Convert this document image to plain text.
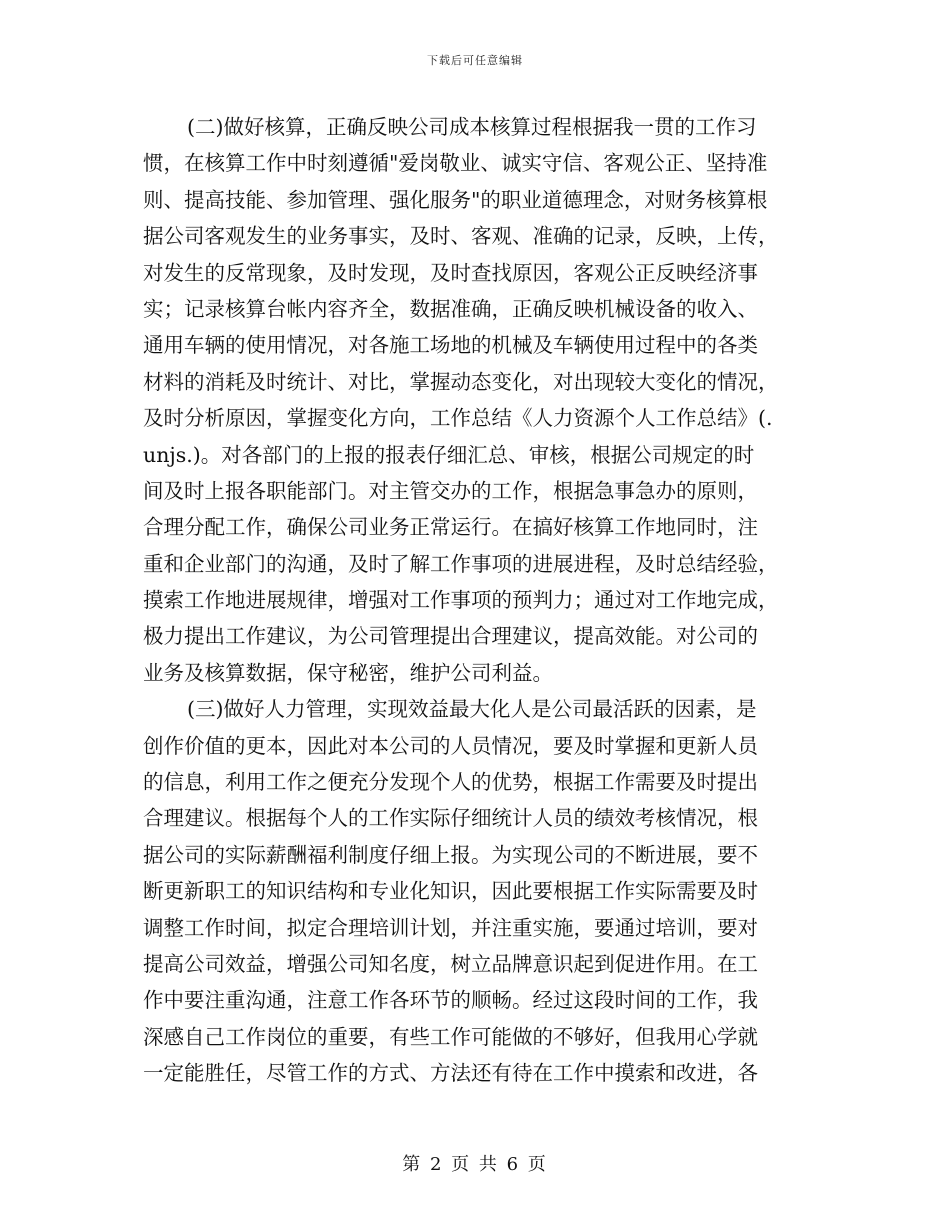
下载后可任意编辑
(二)做好核算，正确反映公司成本核算过程根据我一贯的工作习
惯，在核算工作中时刻遵循"爱岗敬业、诚实守信、客观公正、坚持准
则、提高技能、参加管理、强化服务"的职业道德理念，对财务核算根
据公司客观发生的业务事实，及时、客观、准确的记录，反映，上传，
对发生的反常现象，及时发现，及时查找原因，客观公正反映经济事
实；记录核算台帐内容齐全，数据准确，正确反映机械设备的收入、
通用车辆的使用情况，对各施工场地的机械及车辆使用过程中的各类
材料的消耗及时统计、对比，掌握动态变化，对出现较大变化的情况，
及时分析原因，掌握变化方向，工作总结《人力资源个人工作总结》(.
unjs.)。对各部门的上报的报表仔细汇总、审核，根据公司规定的时
间及时上报各职能部门。对主管交办的工作，根据急事急办的原则，
合理分配工作，确保公司业务正常运行。在搞好核算工作地同时，注
重和企业部门的沟通，及时了解工作事项的进展进程，及时总结经验，
摸索工作地进展规律，增强对工作事项的预判力；通过对工作地完成，
极力提出工作建议，为公司管理提出合理建议，提高效能。对公司的
业务及核算数据，保守秘密，维护公司利益。
(三)做好人力管理，实现效益最大化人是公司最活跃的因素，是
创作价值的更本，因此对本公司的人员情况，要及时掌握和更新人员
的信息，利用工作之便充分发现个人的优势，根据工作需要及时提出
合理建议。根据每个人的工作实际仔细统计人员的绩效考核情况，根
据公司的实际薪酬福利制度仔细上报。为实现公司的不断进展，要不
断更新职工的知识结构和专业化知识，因此要根据工作实际需要及时
调整工作时间，拟定合理培训计划，并注重实施，要通过培训，要对
提高公司效益，增强公司知名度，树立品牌意识起到促进作用。在工
作中要注重沟通，注意工作各环节的顺畅。经过这段时间的工作，我
深感自己工作岗位的重要，有些工作可能做的不够好，但我用心学就
一定能胜任，尽管工作的方式、方法还有待在工作中摸索和改进，各
第 2 页 共 6 页
